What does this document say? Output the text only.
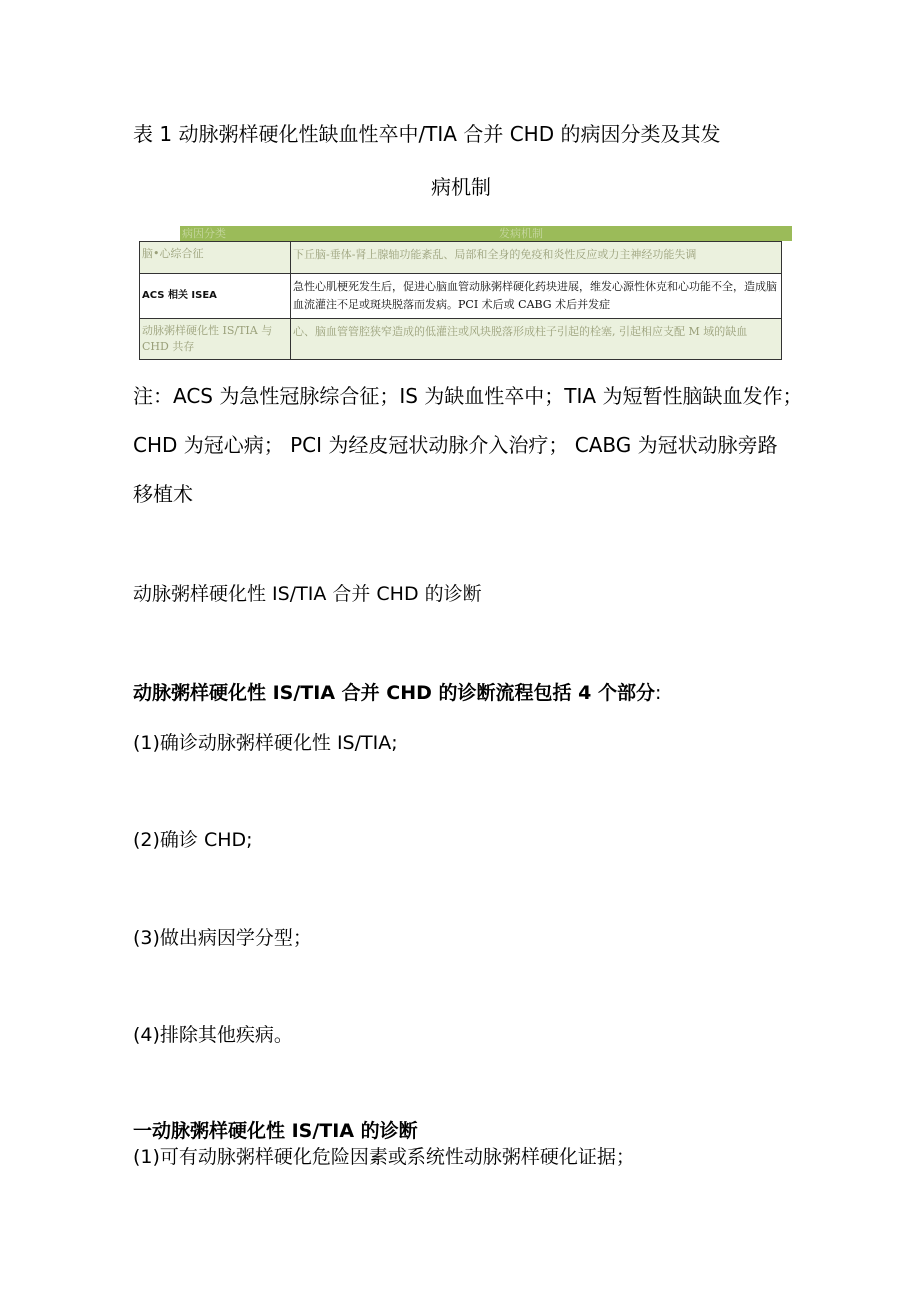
表 1 动脉粥样硬化性缺血性卒中/TIA 合并 CHD 的病因分类及其发
病机制
病因分类	发病机制
脑•心综合征	下丘脑-垂体-肾上腺轴功能紊乱、局部和全身的免疫和炎性反应或力主神经功能失调
ACS 相关 ISEA
急性心肌梗死发生后，促进心脑血管动脉粥样硬化药块进展，维发心源性休克和心功能不全，造成脑血流灌注不足或斑块脱落而发病。PCI 术后或 CABG 术后并发症
动脉粥样硬化性 IS/TIA 与 CHD 共存
心、脑血管管腔狭窄造成的低灌注或风块脱落形成柱子引起的栓塞, 引起相应支配 M 域的缺血
注：ACS 为急性冠脉综合征；IS 为缺血性卒中；TIA 为短暂性脑缺血发作；
CHD 为冠心病； PCI 为经皮冠状动脉介入治疗； CABG 为冠状动脉旁路
移植术
动脉粥样硬化性 IS/TIA 合并 CHD 的诊断
动脉粥样硬化性 IS/TIA 合并 CHD 的诊断流程包括 4 个部分:
(1)确诊动脉粥样硬化性 IS/TIA;
(2)确诊 CHD;
(3)做出病因学分型；
(4)排除其他疾病。
一动脉粥样硬化性 IS/TIA 的诊断
(1)可有动脉粥样硬化危险因素或系统性动脉粥样硬化证据；
